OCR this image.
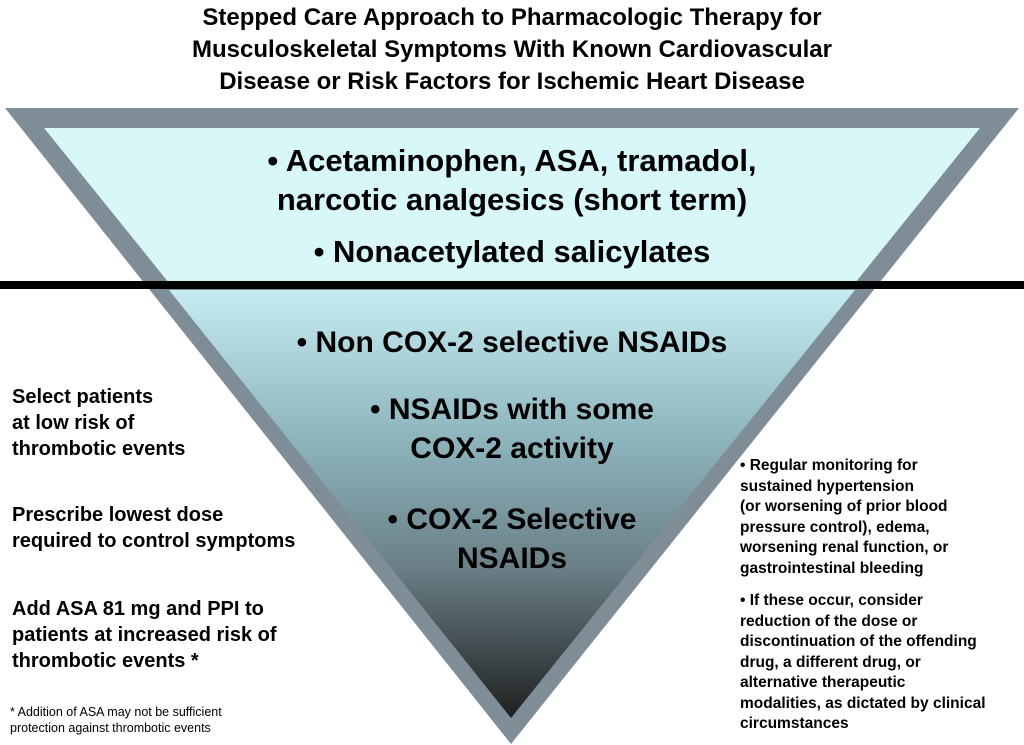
Stepped Care Approach to Pharmacologic Therapy for
Musculoskeletal Symptoms With Known Cardiovascular
Disease or Risk Factors for Ischemic Heart Disease
• Acetaminophen, ASA, tramadol,
narcotic analgesics (short term)
• Nonacetylated salicylates
• Non COX-2 selective NSAIDs
• NSAIDs with some
COX-2 activity
• COX-2 Selective
NSAIDs
Select patients
at low risk of
thrombotic events
Prescribe lowest dose
required to control symptoms
Add ASA 81 mg and PPI to
patients at increased risk of
thrombotic events *
* Addition of ASA may not be sufficient
protection against thrombotic events
• Regular monitoring for
sustained hypertension
(or worsening of prior blood
pressure control), edema,
worsening renal function, or
gastrointestinal bleeding
• If these occur, consider
reduction of the dose or
discontinuation of the offending
drug, a different drug, or
alternative therapeutic
modalities, as dictated by clinical
circumstances
